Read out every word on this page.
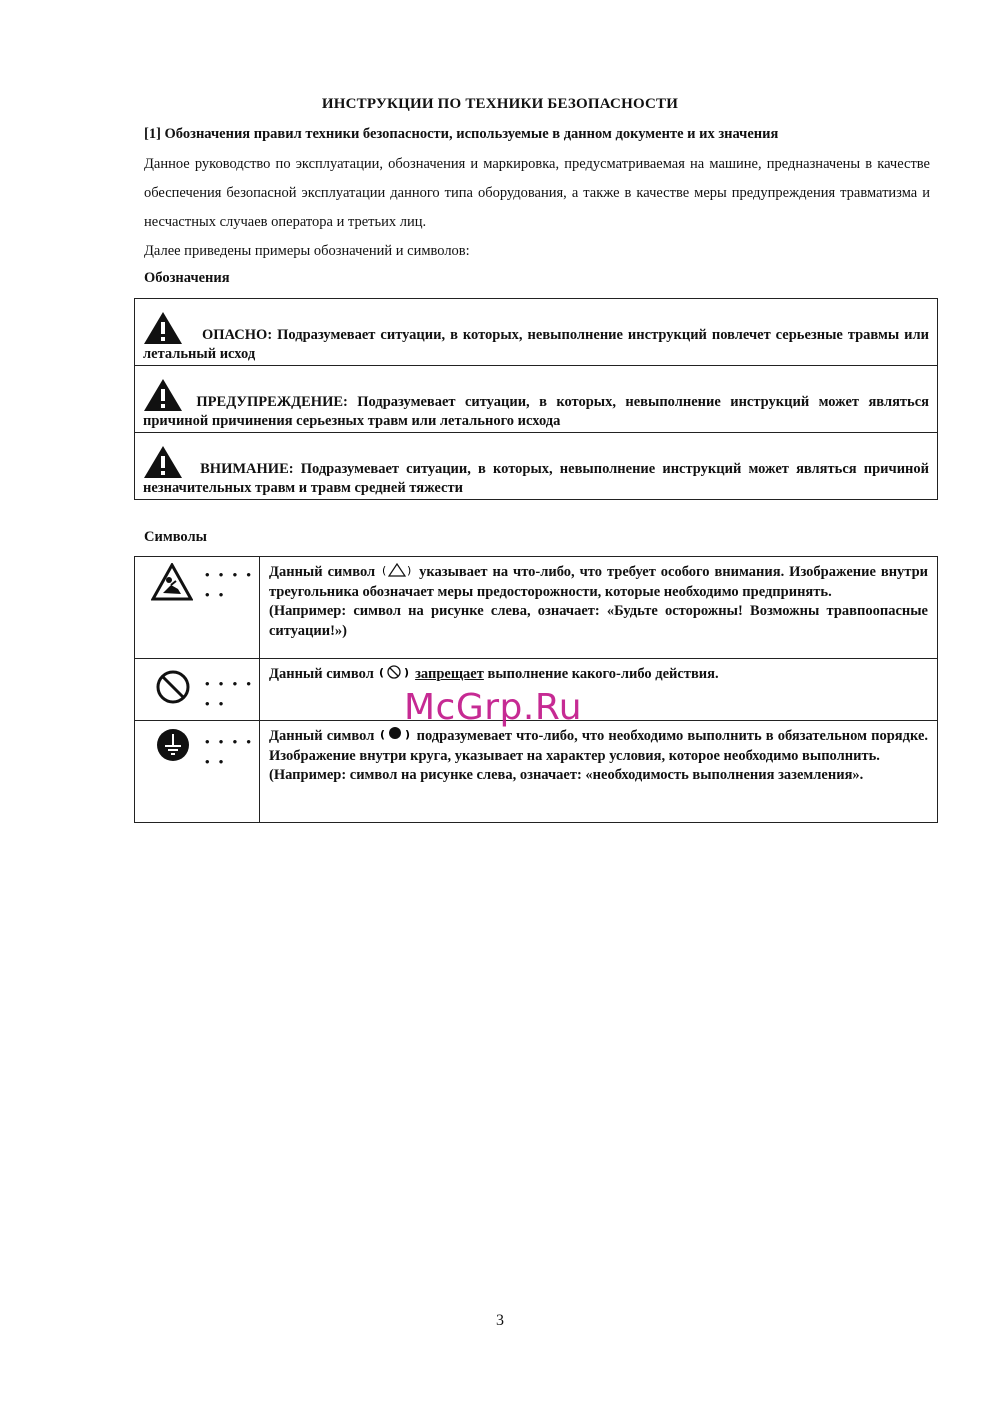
ИНСТРУКЦИИ ПО ТЕХНИКИ БЕЗОПАСНОСТИ
[1] Обозначения правил техники безопасности, используемые в данном документе и их значения
Данное руководство по эксплуатации, обозначения и маркировка, предусматриваемая на машине, предназначены в качестве обеспечения безопасной эксплуатации данного типа оборудования, а также в качестве меры предупреждения травматизма и несчастных случаев оператора и третьих лиц.
Далее приведены примеры обозначений и символов:
Обозначения
ОПАСНО: Подразумевает ситуации, в которых, невыполнение инструкций повлечет серьезные травмы или летальный исход

ПРЕДУПРЕЖДЕНИЕ: Подразумевает ситуации, в которых, невыполнение инструкций может являться причиной причинения серьезных травм или летального исхода

ВНИМАНИЕ: Подразумевает ситуации, в которых, невыполнение инструкций может являться причиной незначительных травм и травм средней тяжести
Символы
• • • • • •	Данный символ ( ) указывает на что-либо, что требует особого внимания. Изображение внутри треугольника обозначает меры предосторожности, которые необходимо предпринять.
(Например: символ на рисунке слева, означает: «Будьте осторожны! Возможны травпоопасные ситуации!»)

• • • • • •	Данный символ ( ) запрещает выполнение какого-либо действия.

• • • • • •	Данный символ ( ) подразумевает что-либо, что необходимо выполнить в обязательном порядке. Изображение внутри круга, указывает на характер условия, которое необходимо выполнить.
(Например: символ на рисунке слева, означает: «необходимость выполнения заземления».
McGrp.Ru
3
